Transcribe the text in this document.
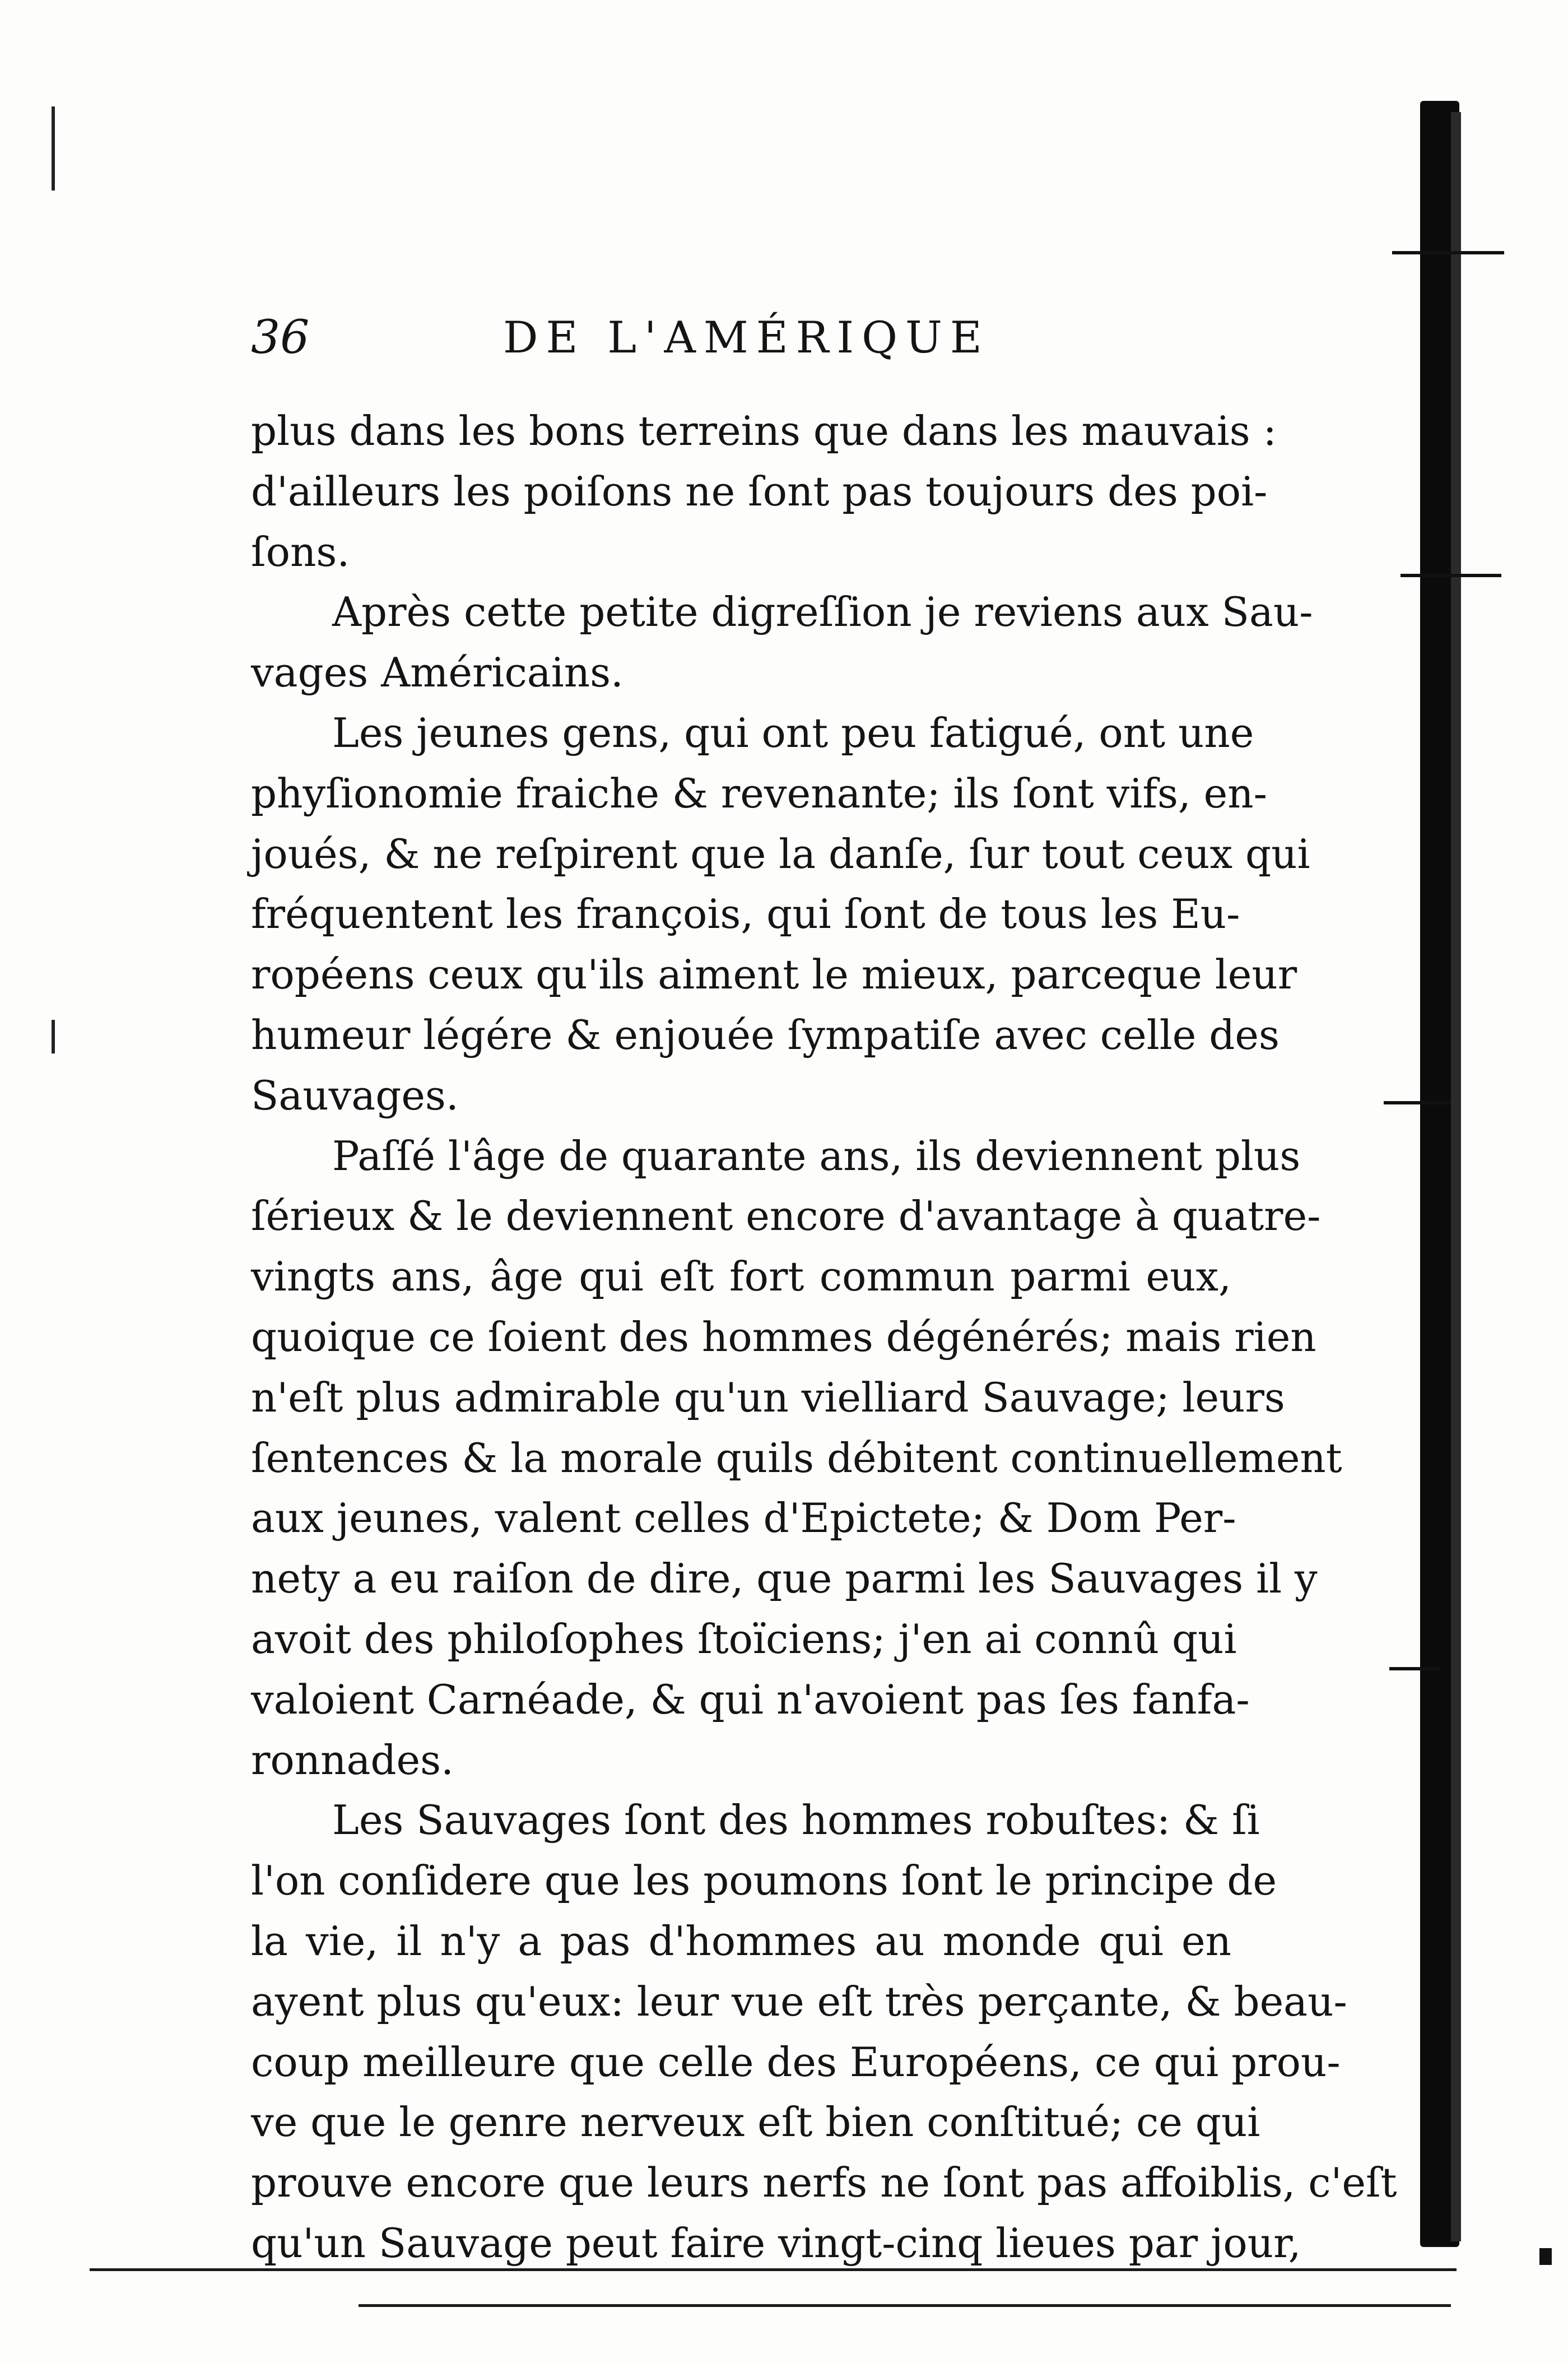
36	DE L'AMÉRIQUE
plus dans les bons terreins que dans les mauvais :
d'ailleurs les poiſons ne ſont pas toujours des poi-
ſons.
Après cette petite digreſſion je reviens aux Sau-
vages Américains.
Les jeunes gens, qui ont peu fatigué, ont une
phyſionomie fraiche & revenante; ils ſont vifs, en-
joués, & ne reſpirent que la danſe, ſur tout ceux qui
fréquentent les françois, qui ſont de tous les Eu-
ropéens ceux qu'ils aiment le mieux, parceque leur
humeur légére & enjouée ſympatiſe avec celle des
Sauvages.
Paſſé l'âge de quarante ans, ils deviennent plus
ſérieux & le deviennent encore d'avantage à quatre-
vingts ans, âge qui eſt fort commun parmi eux,
quoique ce ſoient des hommes dégénérés; mais rien
n'eſt plus admirable qu'un vielliard Sauvage; leurs
ſentences & la morale quils débitent continuellement
aux jeunes, valent celles d'Epictete; & Dom Per-
nety a eu raiſon de dire, que parmi les Sauvages il y
avoit des philoſophes ſtoïciens; j'en ai connû qui
valoient Carnéade, & qui n'avoient pas ſes fanfa-
ronnades.
Les Sauvages ſont des hommes robuſtes: & ſi
l'on conſidere que les poumons ſont le principe de
la vie, il n'y a pas d'hommes au monde qui en
ayent plus qu'eux: leur vue eſt très perçante, & beau-
coup meilleure que celle des Européens, ce qui prou-
ve que le genre nerveux eſt bien conſtitué; ce qui
prouve encore que leurs nerfs ne ſont pas affoiblis, c'eſt
qu'un Sauvage peut faire vingt-cinq lieues par jour,
